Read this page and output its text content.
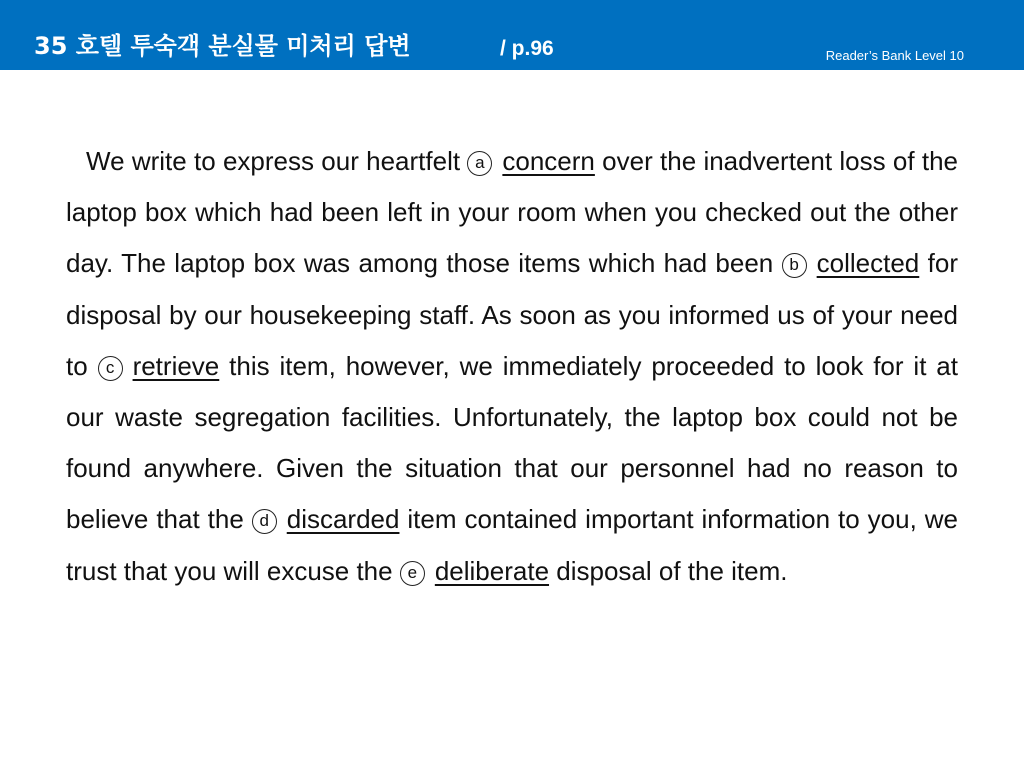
35 호텔 투숙객 분실물 미처리 답변	/ p.96	Reader’s Bank Level 10

We write to express our heartfelt a concern over the inadvertent loss of the laptop box which had been left in your room when you checked out the other day. The laptop box was among those items which had been b collected for disposal by our housekeeping staff. As soon as you informed us of your need to c retrieve this item, however, we immediately proceeded to look for it at our waste segregation facilities. Unfortunately, the laptop box could not be found anywhere. Given the situation that our personnel had no reason to believe that the d discarded item contained important information to you, we trust that you will excuse the e deliberate disposal of the item.
